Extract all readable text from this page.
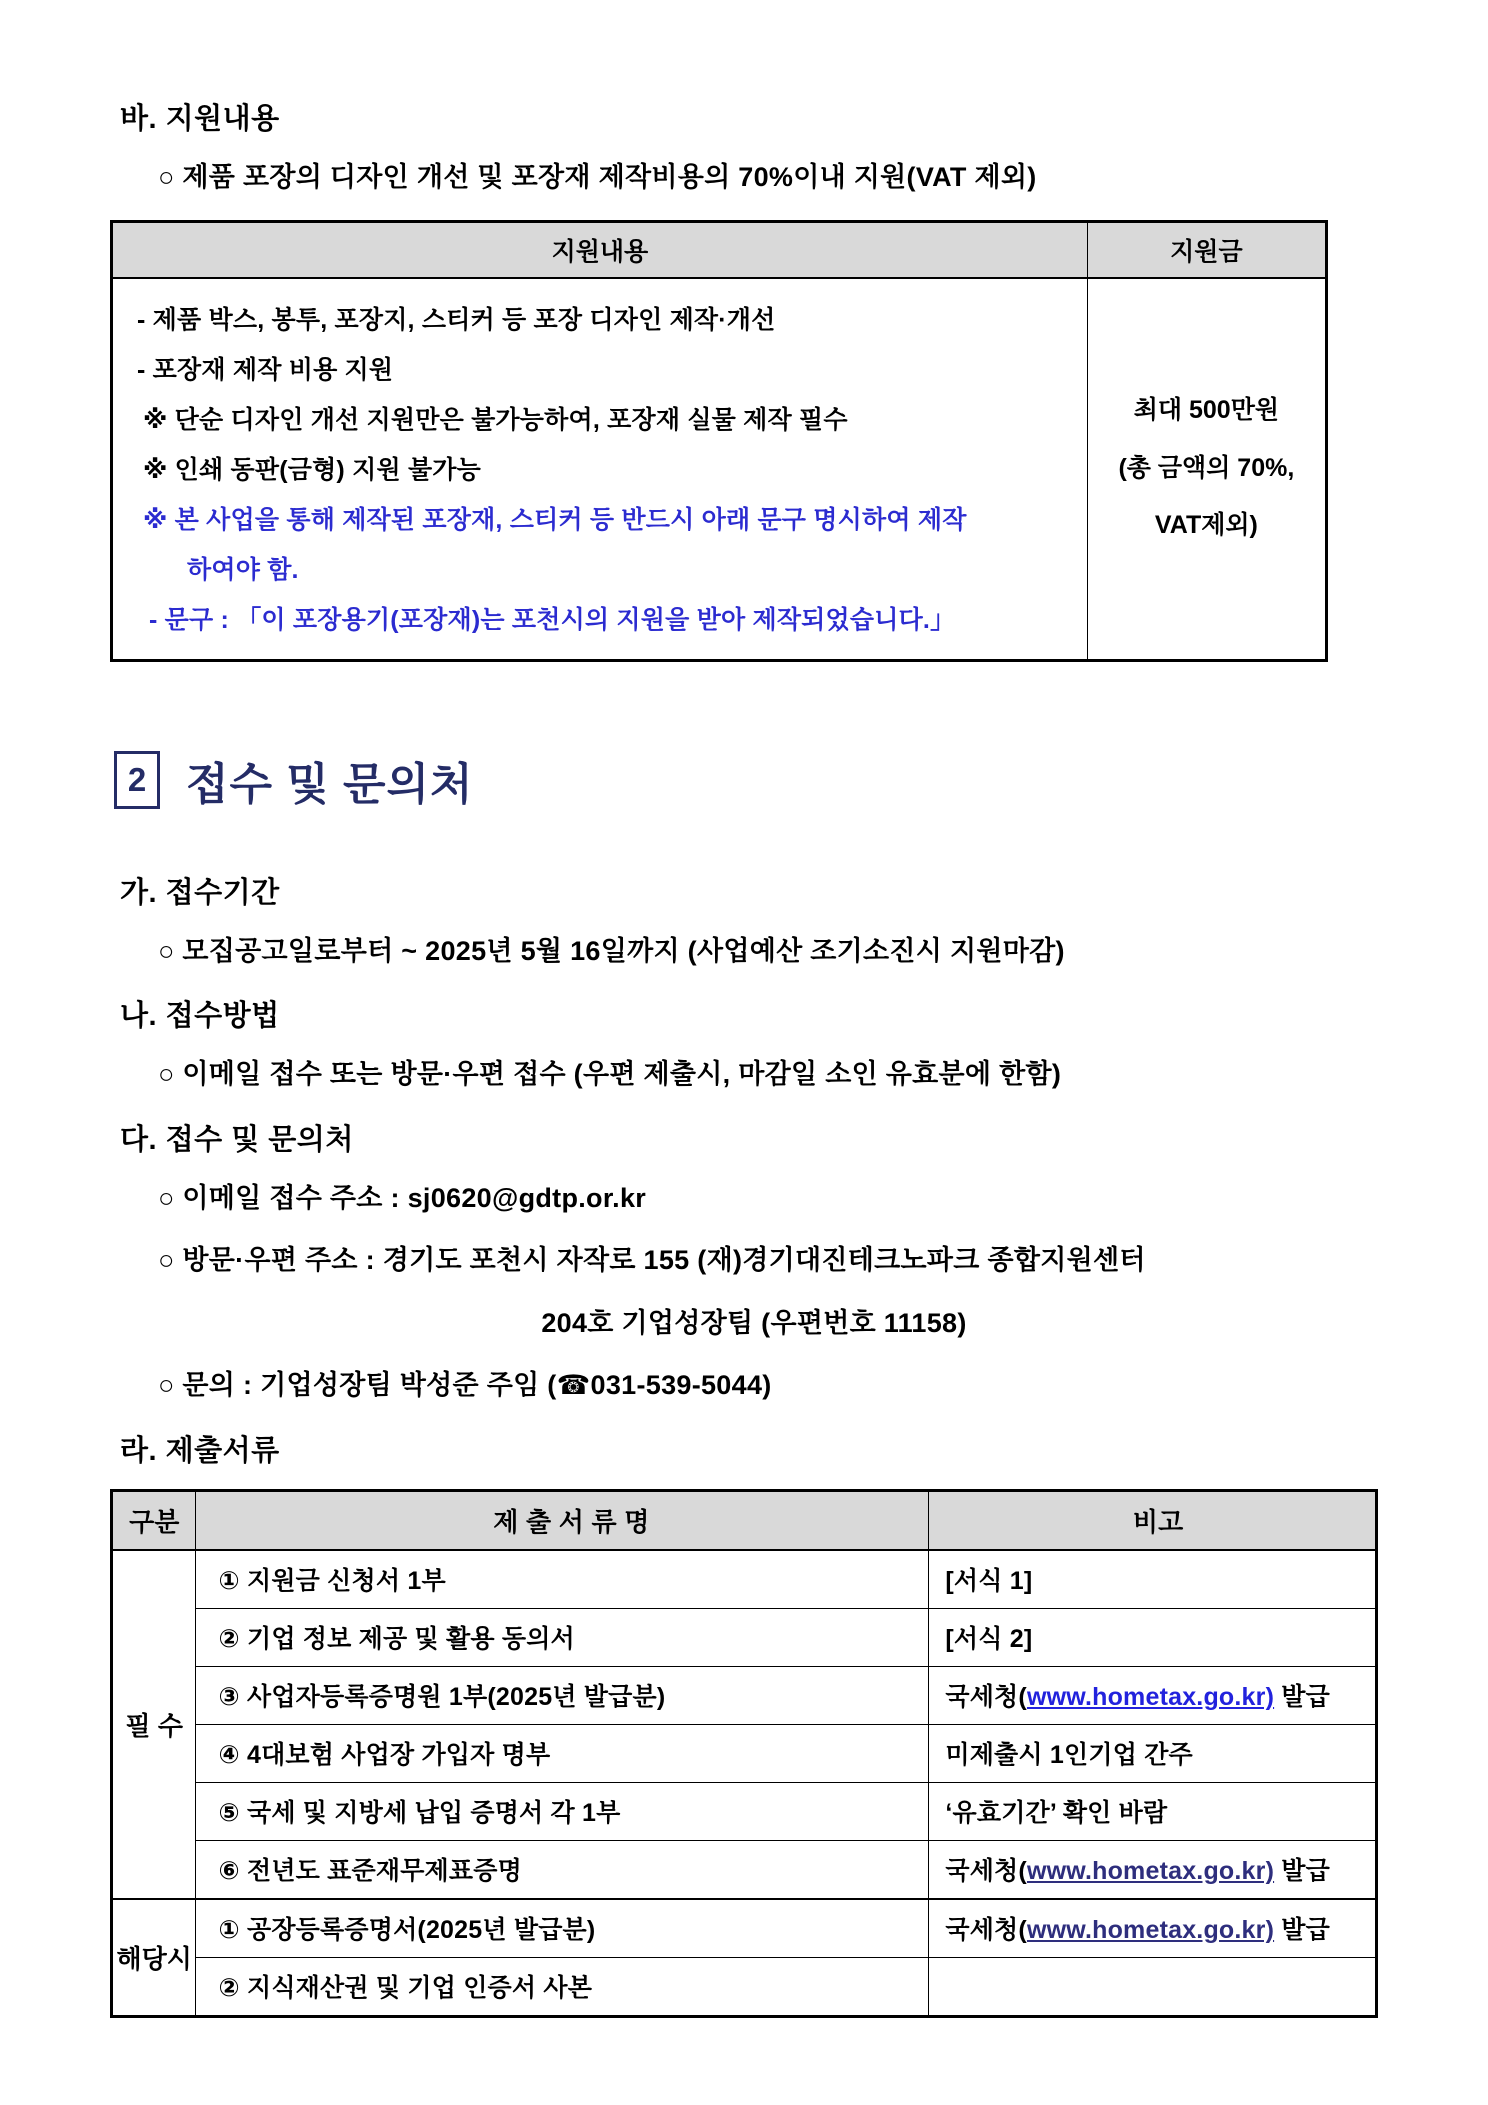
바. 지원내용
○ 제품 포장의 디자인 개선 및 포장재 제작비용의 70%이내 지원(VAT 제외)
지원내용	지원금

- 제품 박스, 봉투, 포장지, 스티커 등 포장 디자인 제작·개선
- 포장재 제작 비용 지원
※ 단순 디자인 개선 지원만은 불가능하여, 포장재 실물 제작 필수
※ 인쇄 동판(금형) 지원 불가능
※ 본 사업을 통해 제작된 포장재, 스티커 등 반드시 아래 문구 명시하여 제작
하여야 함.
- 문구 : 「이 포장용기(포장재)는 포천시의 지원을 받아 제작되었습니다.」

최대 500만원
(총 금액의 70%,
VAT제외)
2 접수 및 문의처
가. 접수기간
○ 모집공고일로부터 ~ 2025년 5월 16일까지 (사업예산 조기소진시 지원마감)
나. 접수방법
○ 이메일 접수 또는 방문·우편 접수 (우편 제출시, 마감일 소인 유효분에 한함)
다. 접수 및 문의처
○ 이메일 접수 주소 : sj0620@gdtp.or.kr
○ 방문·우편 주소 : 경기도 포천시 자작로 155 (재)경기대진테크노파크 종합지원센터
204호 기업성장팀 (우편번호 11158)
○ 문의 : 기업성장팀 박성준 주임 (☎031-539-5044)
라. 제출서류
구분	제 출 서 류 명	비고
필 수	① 지원금 신청서 1부	[서식 1]
	② 기업 정보 제공 및 활용 동의서	[서식 2]
	③ 사업자등록증명원 1부(2025년 발급분)	국세청(www.hometax.go.kr) 발급
	④ 4대보험 사업장 가입자 명부	미제출시 1인기업 간주
	⑤ 국세 및 지방세 납입 증명서 각 1부	‘유효기간’ 확인 바람
	⑥ 전년도 표준재무제표증명	국세청(www.hometax.go.kr) 발급
해당시	① 공장등록증명서(2025년 발급분)	국세청(www.hometax.go.kr) 발급
	② 지식재산권 및 기업 인증서 사본	
